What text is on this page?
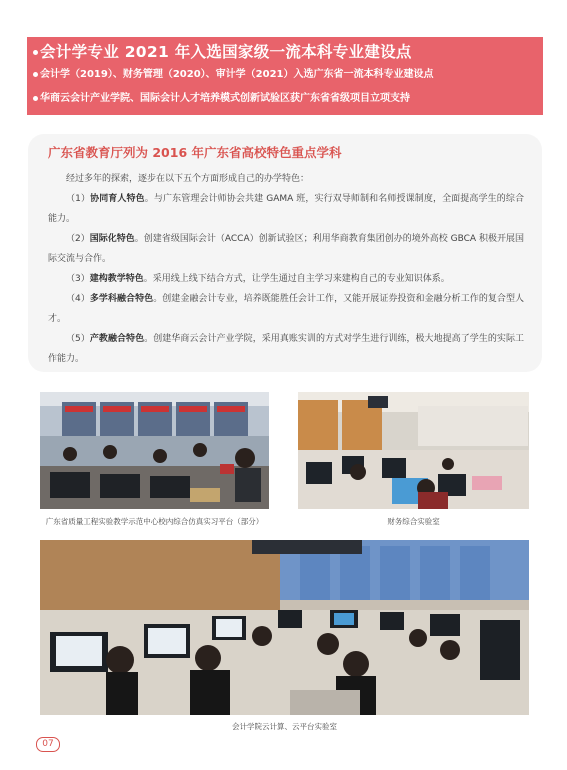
会计学专业 2021 年入选国家级一流本科专业建设点
会计学（2019）、财务管理（2020）、审计学（2021）入选广东省一流本科专业建设点
华商云会计产业学院、国际会计人才培养模式创新试验区获广东省省级项目立项支持
广东省教育厅列为 2016 年广东省高校特色重点学科

经过多年的探索，逐步在以下五个方面形成自己的办学特色：

（1）协同育人特色。与广东管理会计师协会共建 GAMA 班，实行双导师制和名师授课制度，全面提高学生的综合能力。

（2）国际化特色。创建省级国际会计（ACCA）创新试验区；利用华商教育集团创办的境外高校 GBCA 积极开展国际交流与合作。

（3）建构教学特色。采用线上线下结合方式，让学生通过自主学习来建构自己的专业知识体系。

（4）多学科融合特色。创建金融会计专业，培养既能胜任会计工作，又能开展证券投资和金融分析工作的复合型人才。

（5）产教融合特色。创建华商云会计产业学院，采用真账实训的方式对学生进行训练，极大地提高了学生的实际工作能力。

广东省质量工程实验教学示范中心校内综合仿真实习平台（部分）	财务综合实验室
会计学院云计算、云平台实验室
07
